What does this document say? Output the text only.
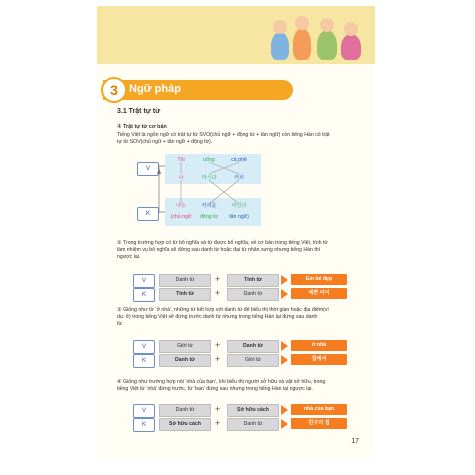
3	Ngữ pháp
3.1 Trật tự từ
① Trật tự từ cơ bản
Tiếng Việt là ngôn ngữ có trật tự từ SVO(chủ ngữ + động từ + tân ngữ) còn tiếng Hàn có trật
tự từ SOV(chủ ngữ + tân ngữ + động từ).
V
K
Tôi	uống	cà phê
나	마시다	커피
나는	커피를	마신다
(chủ ngữ	động từ	tân ngữ)
② Trong trường hợp có từ bổ nghĩa và từ được bổ nghĩa, về cơ bản trong tiếng Việt, tính từ
làm nhiệm vụ bổ nghĩa sẽ đứng sau danh từ hoặc đại từ nhân xưng nhưng tiếng Hàn thì
ngược lại.
V	Danh từ	+	Tính từ	Em bé đẹp
K	Tính từ	+	Danh từ	예쁜 아이
③ Giống như từ ‘ở nhà’, những từ kết hợp với danh từ để biểu thị thời gian hoặc địa điểm(ví
dụ: ở) trong tiếng Việt sẽ đứng trước danh từ nhưng trong tiếng Hàn lại đứng sau danh
từ.
V	Giới từ	+	Danh từ	ở nhà
K	Danh từ	+	Giới từ	집에서
④ Giống như trường hợp nói ‘nhà của bạn’, khi biểu thị người sở hữu và vật sở hữu, trong
tiếng Việt từ ‘nhà’ đứng trước, từ ‘bạn’ đứng sau nhưng trong tiếng Hàn lại ngược lại.
V	Danh từ	+	Sở hữu cách	nhà của bạn
K	Sở hữu cách	+	Danh từ	친구의 집
17
